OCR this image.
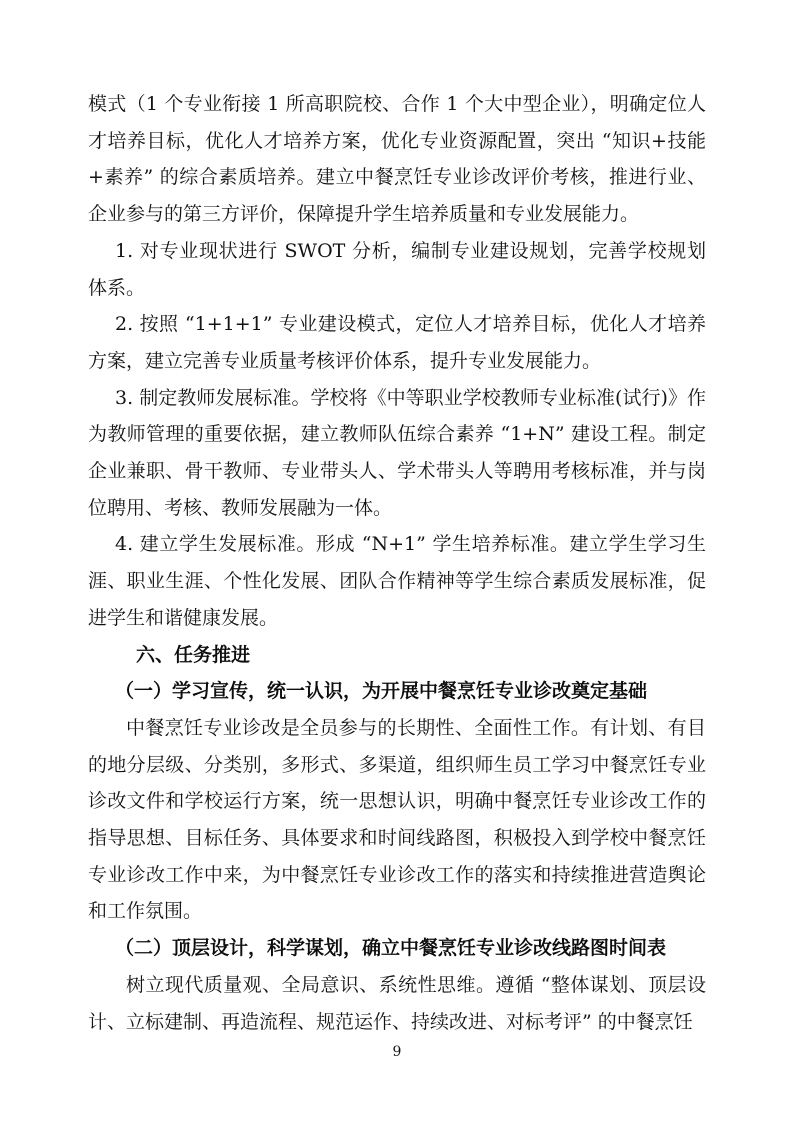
模式（1 个专业衔接 1 所高职院校、合作 1 个大中型企业），明确定位人才培养目标，优化人才培养方案，优化专业资源配置，突出 “知识+技能+素养” 的综合素质培养。建立中餐烹饪专业诊改评价考核，推进行业、企业参与的第三方评价，保障提升学生培养质量和专业发展能力。

1. 对专业现状进行 SWOT 分析，编制专业建设规划，完善学校规划体系。

2. 按照 “1+1+1” 专业建设模式，定位人才培养目标，优化人才培养方案，建立完善专业质量考核评价体系，提升专业发展能力。

3. 制定教师发展标准。学校将《中等职业学校教师专业标准(试行)》作为教师管理的重要依据，建立教师队伍综合素养 “1+N” 建设工程。制定企业兼职、骨干教师、专业带头人、学术带头人等聘用考核标准，并与岗位聘用、考核、教师发展融为一体。

4. 建立学生发展标准。形成 “N+1” 学生培养标准。建立学生学习生涯、职业生涯、个性化发展、团队合作精神等学生综合素质发展标准，促进学生和谐健康发展。

六、任务推进

（一）学习宣传，统一认识，为开展中餐烹饪专业诊改奠定基础

中餐烹饪专业诊改是全员参与的长期性、全面性工作。有计划、有目的地分层级、分类别，多形式、多渠道，组织师生员工学习中餐烹饪专业诊改文件和学校运行方案，统一思想认识，明确中餐烹饪专业诊改工作的指导思想、目标任务、具体要求和时间线路图，积极投入到学校中餐烹饪专业诊改工作中来，为中餐烹饪专业诊改工作的落实和持续推进营造舆论和工作氛围。

（二）顶层设计，科学谋划，确立中餐烹饪专业诊改线路图时间表

树立现代质量观、全局意识、系统性思维。遵循 “整体谋划、顶层设计、立标建制、再造流程、规范运作、持续改进、对标考评” 的中餐烹饪

9
